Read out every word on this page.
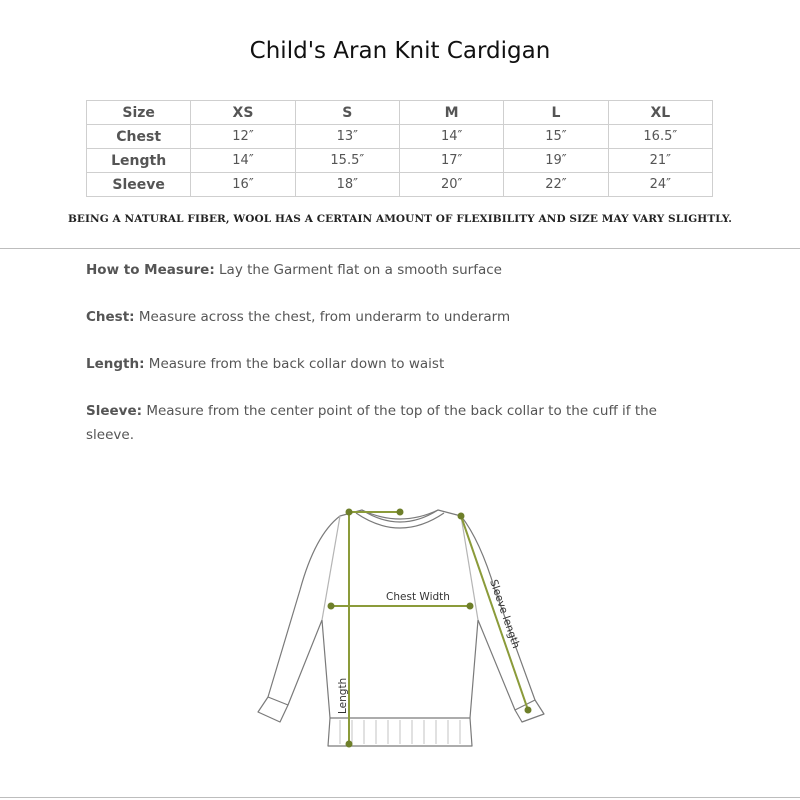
Child's Aran Knit Cardigan
Size	XS	S	M	L	XL
Chest	12″	13″	14″	15″	16.5″
Length	14″	15.5″	17″	19″	21″
Sleeve	16″	18″	20″	22″	24″
BEING A NATURAL FIBER, WOOL HAS A CERTAIN AMOUNT OF FLEXIBILITY AND SIZE MAY VARY SLIGHTLY.
How to Measure: Lay the Garment flat on a smooth surface
Chest: Measure across the chest, from underarm to underarm
Length: Measure from the back collar down to waist
Sleeve: Measure from the center point of the top of the back collar to the cuff if the sleeve.
Chest Width	Sleeve length
Length
